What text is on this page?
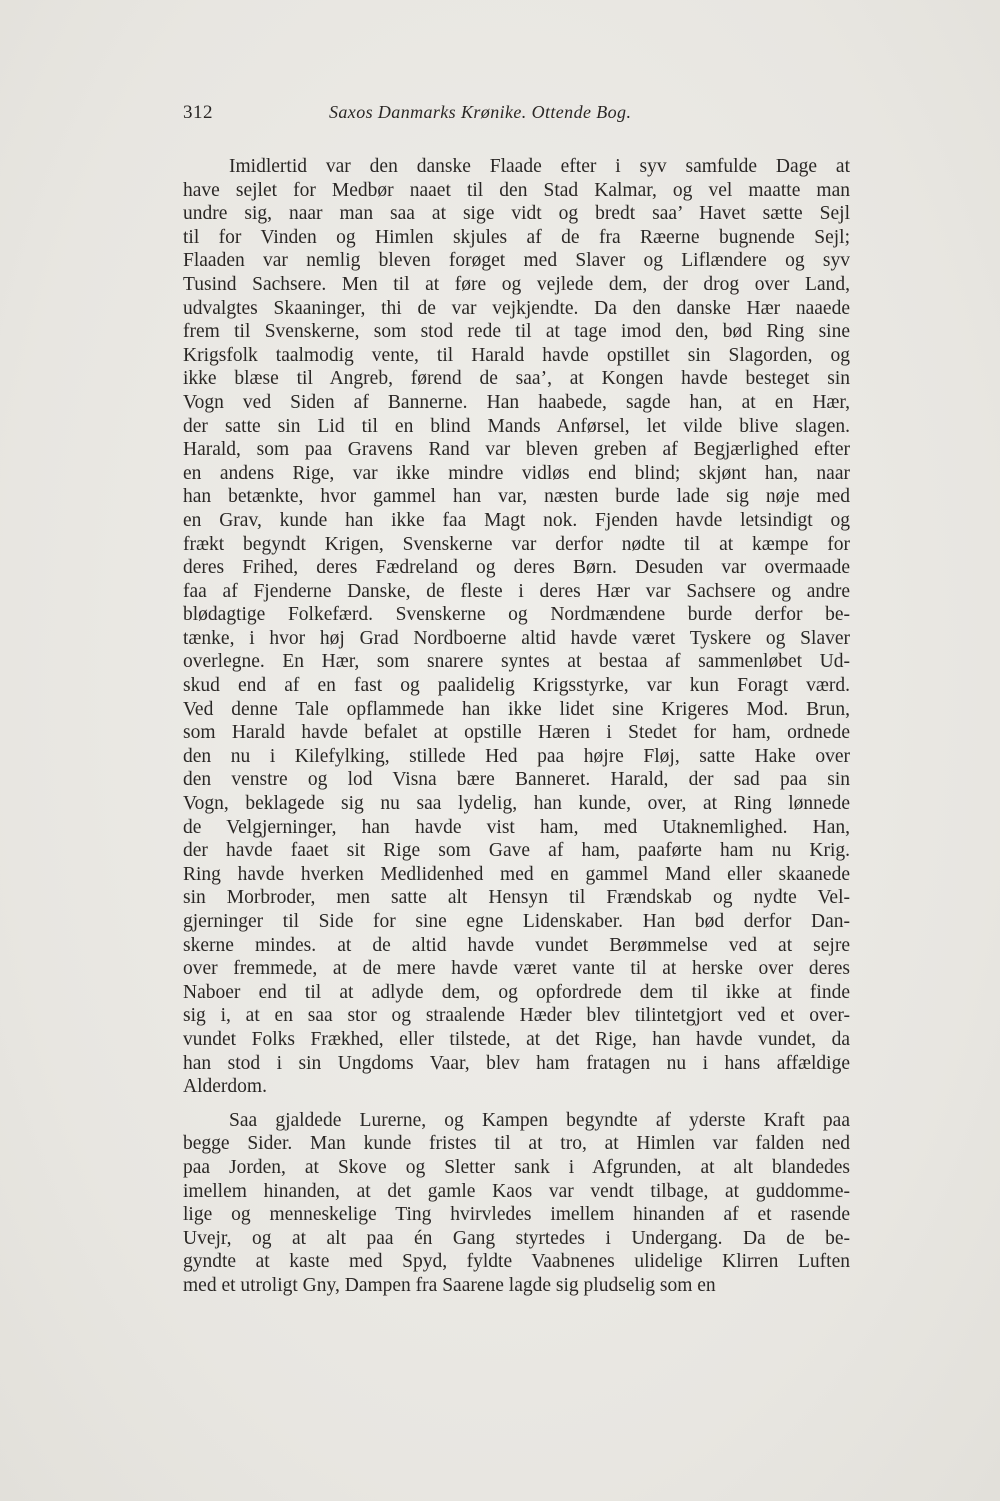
312	Saxos Danmarks Krønike. Ottende Bog.
Imidlertid var den danske Flaade efter i syv samfulde Dage at
have sejlet for Medbør naaet til den Stad Kalmar, og vel maatte man
undre sig, naar man saa at sige vidt og bredt saa’ Havet sætte Sejl
til for Vinden og Himlen skjules af de fra Ræerne bugnende Sejl;
Flaaden var nemlig bleven forøget med Slaver og Liflændere og syv
Tusind Sachsere. Men til at føre og vejlede dem, der drog over Land,
udvalgtes Skaaninger, thi de var vejkjendte. Da den danske Hær naaede
frem til Svenskerne, som stod rede til at tage imod den, bød Ring sine
Krigsfolk taalmodig vente, til Harald havde opstillet sin Slagorden, og
ikke blæse til Angreb, førend de saa’, at Kongen havde besteget sin
Vogn ved Siden af Bannerne. Han haabede, sagde han, at en Hær,
der satte sin Lid til en blind Mands Anførsel, let vilde blive slagen.
Harald, som paa Gravens Rand var bleven greben af Begjærlighed efter
en andens Rige, var ikke mindre vidløs end blind; skjønt han, naar
han betænkte, hvor gammel han var, næsten burde lade sig nøje med
en Grav, kunde han ikke faa Magt nok. Fjenden havde letsindigt og
frækt begyndt Krigen, Svenskerne var derfor nødte til at kæmpe for
deres Frihed, deres Fædreland og deres Børn. Desuden var overmaade
faa af Fjenderne Danske, de fleste i deres Hær var Sachsere og andre
blødagtige Folkefærd. Svenskerne og Nordmændene burde derfor be-
tænke, i hvor høj Grad Nordboerne altid havde været Tyskere og Slaver
overlegne. En Hær, som snarere syntes at bestaa af sammenløbet Ud-
skud end af en fast og paalidelig Krigsstyrke, var kun Foragt værd.
Ved denne Tale opflammede han ikke lidet sine Krigeres Mod. Brun,
som Harald havde befalet at opstille Hæren i Stedet for ham, ordnede
den nu i Kilefylking, stillede Hed paa højre Fløj, satte Hake over
den venstre og lod Visna bære Banneret. Harald, der sad paa sin
Vogn, beklagede sig nu saa lydelig, han kunde, over, at Ring lønnede
de Velgjerninger, han havde vist ham, med Utaknemlighed. Han,
der havde faaet sit Rige som Gave af ham, paaførte ham nu Krig.
Ring havde hverken Medlidenhed med en gammel Mand eller skaanede
sin Morbroder, men satte alt Hensyn til Frændskab og nydte Vel-
gjerninger til Side for sine egne Lidenskaber. Han bød derfor Dan-
skerne mindes. at de altid havde vundet Berømmelse ved at sejre
over fremmede, at de mere havde været vante til at herske over deres
Naboer end til at adlyde dem, og opfordrede dem til ikke at finde
sig i, at en saa stor og straalende Hæder blev tilintetgjort ved et over-
vundet Folks Frækhed, eller tilstede, at det Rige, han havde vundet, da
han stod i sin Ungdoms Vaar, blev ham fratagen nu i hans affældige
Alderdom.
Saa gjaldede Lurerne, og Kampen begyndte af yderste Kraft paa
begge Sider. Man kunde fristes til at tro, at Himlen var falden ned
paa Jorden, at Skove og Sletter sank i Afgrunden, at alt blandedes
imellem hinanden, at det gamle Kaos var vendt tilbage, at guddomme-
lige og menneskelige Ting hvirvledes imellem hinanden af et rasende
Uvejr, og at alt paa én Gang styrtedes i Undergang. Da de be-
gyndte at kaste med Spyd, fyldte Vaabnenes ulidelige Klirren Luften
med et utroligt Gny, Dampen fra Saarene lagde sig pludselig som en
